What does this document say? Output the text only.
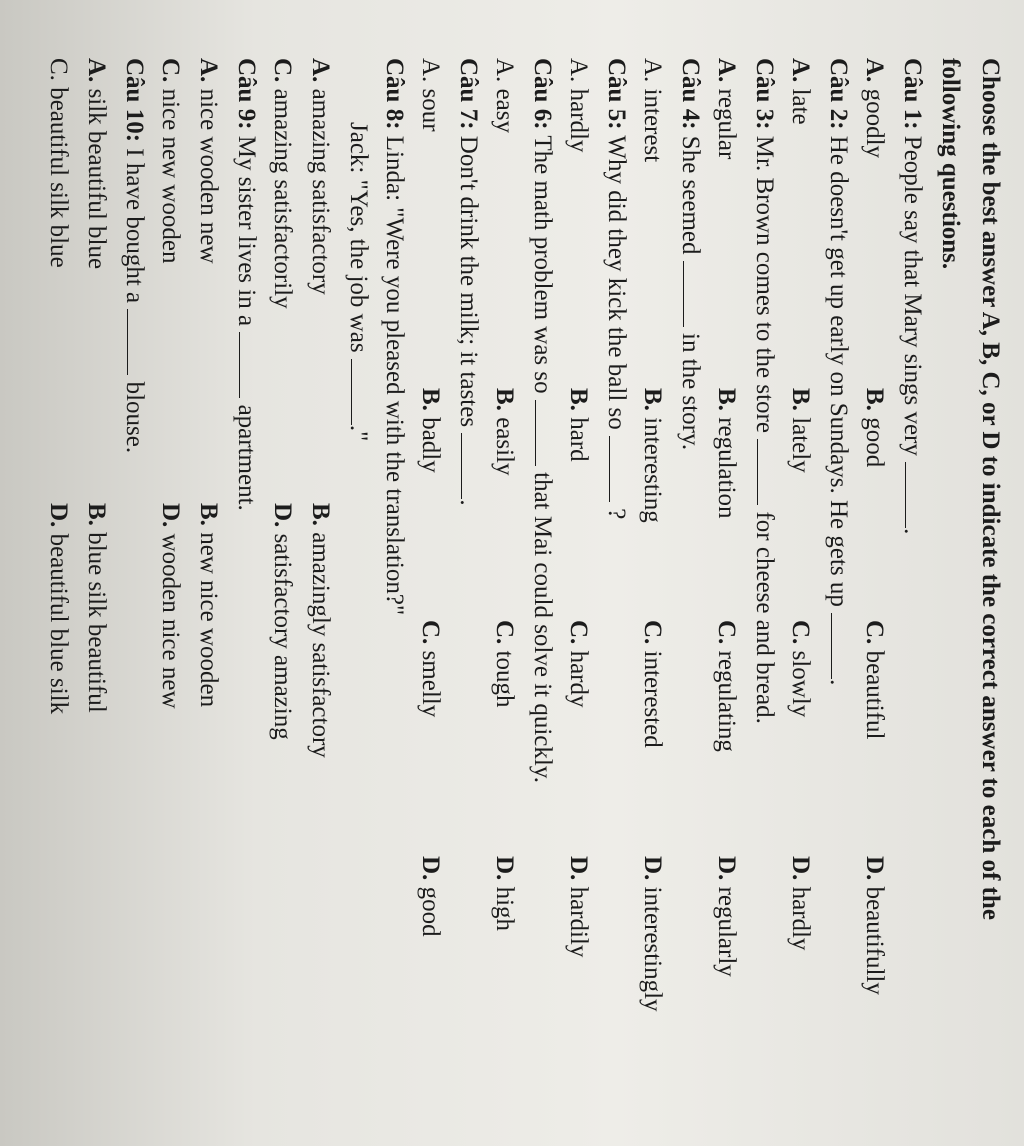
Choose the best answer A, B, C, or D to indicate the correct answer to each of the
following questions.
Câu 1: People say that Mary sings very .
A. goodly
B. good
C. beautiful
D. beautifully
Câu 2: He doesn't get up early on Sundays. He gets up .
A. late
B. lately
C. slowly
D. hardly
Câu 3: Mr. Brown comes to the store  for cheese and bread.
A. regular
B. regulation
C. regulating
D. regularly
Câu 4: She seemed  in the story.
A. interest
B. interesting
C. interested
D. interestingly
Câu 5: Why did they kick the ball so  ?
A. hardly
B. hard
C. hardy
D. hardily
Câu 6: The math problem was so  that Mai could solve it quickly.
A. easy
B. easily
C. tough
D. high
Câu 7: Don't drink the milk; it tastes .
A. sour
B. badly
C. smelly
D. good
Câu 8: Linda: "Were you pleased with the translation?"
Jack: "Yes, the job was ."
A. amazing satisfactory
B. amazingly satisfactory
C. amazing satisfactorily
D. satisfactory amazing
Câu 9: My sister lives in a  apartment.
A. nice wooden new
B. new nice wooden
C. nice new wooden
D. wooden nice new
Câu 10: I have bought a  blouse.
A. silk beautiful blue
B. blue silk beautiful
C. beautiful silk blue
D. beautiful blue silk
